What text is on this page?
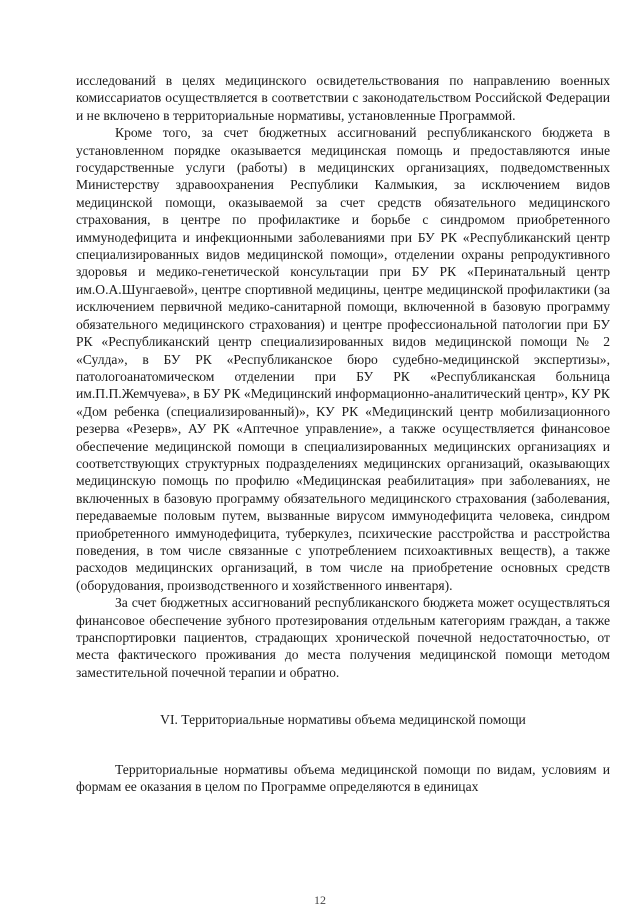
исследований в целях медицинского освидетельствования по направлению военных комиссариатов осуществляется в соответствии с законодательством Российской Федерации и не включено в территориальные нормативы, установленные Программой.

Кроме того, за счет бюджетных ассигнований республиканского бюджета в установленном порядке оказывается медицинская помощь и предоставляются иные государственные услуги (работы) в медицинских организациях, подведомственных Министерству здравоохранения Республики Калмыкия, за исключением видов медицинской помощи, оказываемой за счет средств обязательного медицинского страхования, в центре по профилактике и борьбе с синдромом приобретенного иммунодефицита и инфекционными заболеваниями при БУ РК «Республиканский центр специализированных видов медицинской помощи», отделении охраны репродуктивного здоровья и медико-генетической консультации при БУ РК «Перинатальный центр им.О.А.Шунгаевой», центре спортивной медицины, центре медицинской профилактики (за исключением первичной медико-санитарной помощи, включенной в базовую программу обязательного медицинского страхования) и центре профессиональной патологии при БУ РК «Республиканский центр специализированных видов медицинской помощи № 2 «Сулда», в БУ РК «Республиканское бюро судебно-медицинской экспертизы», патологоанатомическом отделении при БУ РК «Республиканская больница им.П.П.Жемчуева», в БУ РК «Медицинский информационно-аналитический центр», КУ РК «Дом ребенка (специализированный)», КУ РК «Медицинский центр мобилизационного резерва «Резерв», АУ РК «Аптечное управление», а также осуществляется финансовое обеспечение медицинской помощи в специализированных медицинских организациях и соответствующих структурных подразделениях медицинских организаций, оказывающих медицинскую помощь по профилю «Медицинская реабилитация» при заболеваниях, не включенных в базовую программу обязательного медицинского страхования (заболевания, передаваемые половым путем, вызванные вирусом иммунодефицита человека, синдром приобретенного иммунодефицита, туберкулез, психические расстройства и расстройства поведения, в том числе связанные с употреблением психоактивных веществ), а также расходов медицинских организаций, в том числе на приобретение основных средств (оборудования, производственного и хозяйственного инвентаря).

За счет бюджетных ассигнований республиканского бюджета может осуществляться финансовое обеспечение зубного протезирования отдельным категориям граждан, а также транспортировки пациентов, страдающих хронической почечной недостаточностью, от места фактического проживания до места получения медицинской помощи методом заместительной почечной терапии и обратно.

VI. Территориальные нормативы объема медицинской помощи

Территориальные нормативы объема медицинской помощи по видам, условиям и формам ее оказания в целом по Программе определяются в единицах

12
